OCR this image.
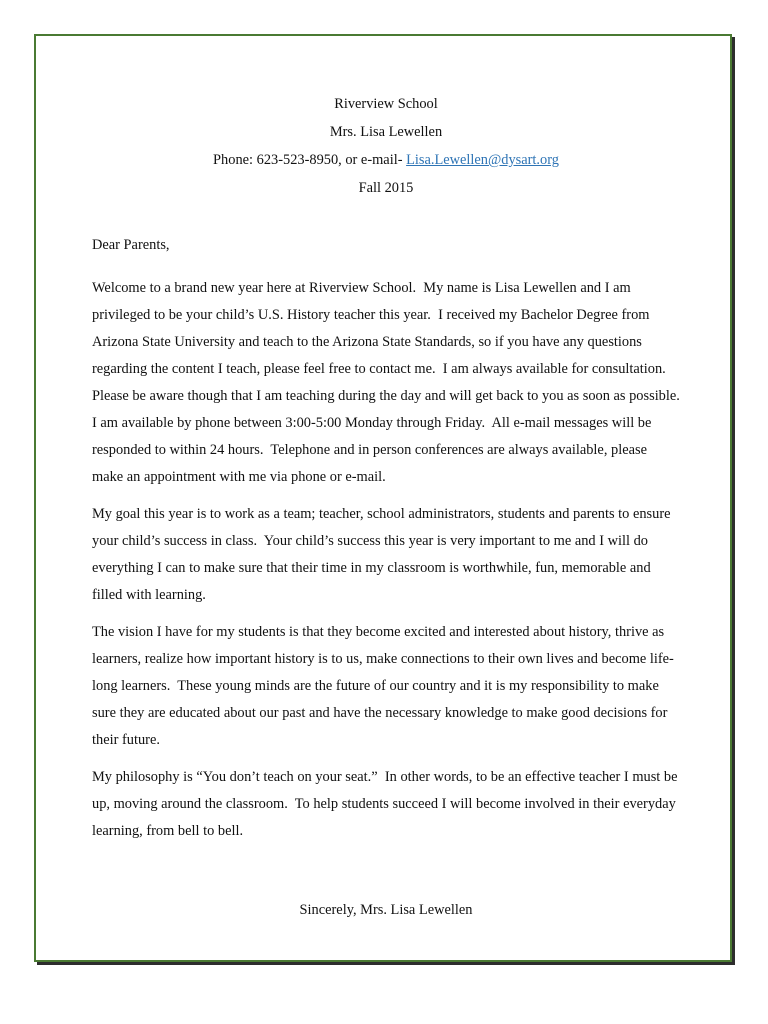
Riverview School
Mrs. Lisa Lewellen
Phone: 623-523-8950, or e-mail- Lisa.Lewellen@dysart.org
Fall 2015
Dear Parents,
Welcome to a brand new year here at Riverview School.  My name is Lisa Lewellen and I am privileged to be your child’s U.S. History teacher this year.  I received my Bachelor Degree from Arizona State University and teach to the Arizona State Standards, so if you have any questions regarding the content I teach, please feel free to contact me.  I am always available for consultation.  Please be aware though that I am teaching during the day and will get back to you as soon as possible.  I am available by phone between 3:00-5:00 Monday through Friday.  All e-mail messages will be responded to within 24 hours.  Telephone and in person conferences are always available, please make an appointment with me via phone or e-mail.
My goal this year is to work as a team; teacher, school administrators, students and parents to ensure your child’s success in class.  Your child’s success this year is very important to me and I will do everything I can to make sure that their time in my classroom is worthwhile, fun, memorable and filled with learning.
The vision I have for my students is that they become excited and interested about history, thrive as learners, realize how important history is to us, make connections to their own lives and become life-long learners.  These young minds are the future of our country and it is my responsibility to make sure they are educated about our past and have the necessary knowledge to make good decisions for their future.
My philosophy is “You don’t teach on your seat.”  In other words, to be an effective teacher I must be up, moving around the classroom.  To help students succeed I will become involved in their everyday learning, from bell to bell.
Sincerely, Mrs. Lisa Lewellen
